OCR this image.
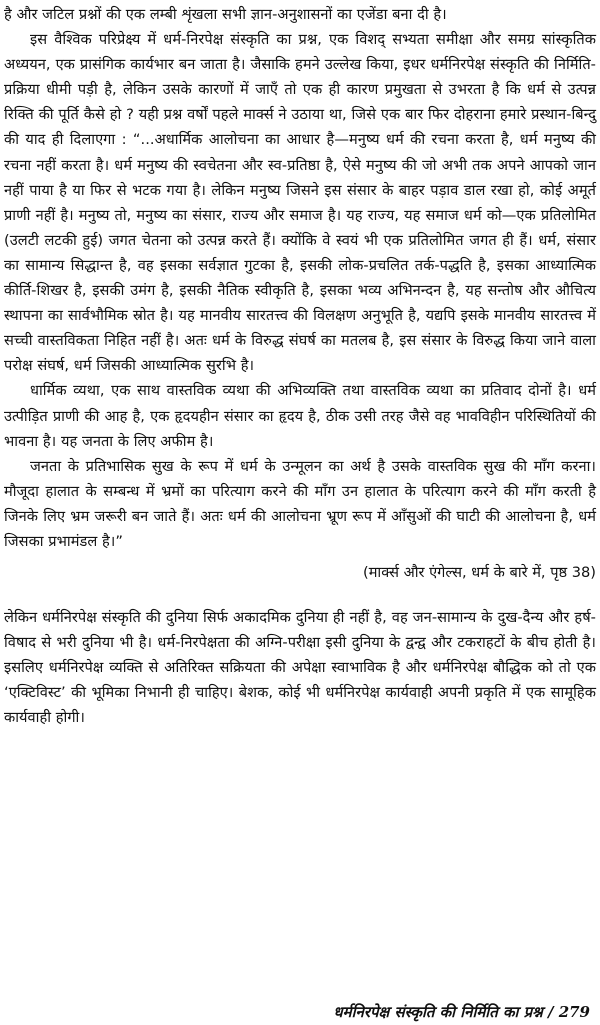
है और जटिल प्रश्नों की एक लम्बी शृंखला सभी ज्ञान-अनुशासनों का एजेंडा बना दी है।

इस वैश्विक परिप्रेक्ष्य में धर्म-निरपेक्ष संस्कृति का प्रश्न, एक विशद् सभ्यता समीक्षा और समग्र सांस्कृतिक अध्ययन, एक प्रासंगिक कार्यभार बन जाता है। जैसाकि हमने उल्लेख किया, इधर धर्मनिरपेक्ष संस्कृति की निर्मिति-प्रक्रिया धीमी पड़ी है, लेकिन उसके कारणों में जाएँ तो एक ही कारण प्रमुखता से उभरता है कि धर्म से उत्पन्न रिक्ति की पूर्ति कैसे हो ? यही प्रश्न वर्षों पहले मार्क्स ने उठाया था, जिसे एक बार फिर दोहराना हमारे प्रस्थान-बिन्दु की याद ही दिलाएगा : “...अधार्मिक आलोचना का आधार है—मनुष्य धर्म की रचना करता है, धर्म मनुष्य की रचना नहीं करता है। धर्म मनुष्य की स्वचेतना और स्व-प्रतिष्ठा है, ऐसे मनुष्य की जो अभी तक अपने आपको जान नहीं पाया है या फिर से भटक गया है। लेकिन मनुष्य जिसने इस संसार के बाहर पड़ाव डाल रखा हो, कोई अमूर्त प्राणी नहीं है। मनुष्य तो, मनुष्य का संसार, राज्य और समाज है। यह राज्य, यह समाज धर्म को—एक प्रतिलोमित (उलटी लटकी हुई) जगत चेतना को उत्पन्न करते हैं। क्योंकि वे स्वयं भी एक प्रतिलोमित जगत ही हैं। धर्म, संसार का सामान्य सिद्धान्त है, वह इसका सर्वज्ञात गुटका है, इसकी लोक-प्रचलित तर्क-पद्धति है, इसका आध्यात्मिक कीर्ति-शिखर है, इसकी उमंग है, इसकी नैतिक स्वीकृति है, इसका भव्य अभिनन्दन है, यह सन्तोष और औचित्य स्थापना का सार्वभौमिक स्रोत है। यह मानवीय सारतत्त्व की विलक्षण अनुभूति है, यद्यपि इसके मानवीय सारतत्त्व में सच्ची वास्तविकता निहित नहीं है। अतः धर्म के विरुद्ध संघर्ष का मतलब है, इस संसार के विरुद्ध किया जाने वाला परोक्ष संघर्ष, धर्म जिसकी आध्यात्मिक सुरभि है।

धार्मिक व्यथा, एक साथ वास्तविक व्यथा की अभिव्यक्ति तथा वास्तविक व्यथा का प्रतिवाद दोनों है। धर्म उत्पीड़ित प्राणी की आह है, एक हृदयहीन संसार का हृदय है, ठीक उसी तरह जैसे वह भावविहीन परिस्थितियों की भावना है। यह जनता के लिए अफीम है।

जनता के प्रतिभासिक सुख के रूप में धर्म के उन्मूलन का अर्थ है उसके वास्तविक सुख की माँग करना। मौजूदा हालात के सम्बन्ध में भ्रमों का परित्याग करने की माँग उन हालात के परित्याग करने की माँग करती है जिनके लिए भ्रम जरूरी बन जाते हैं। अतः धर्म की आलोचना भ्रूण रूप में आँसुओं की घाटी की आलोचना है, धर्म जिसका प्रभामंडल है।”

(मार्क्स और एंगेल्स, धर्म के बारे में, पृष्ठ 38)

लेकिन धर्मनिरपेक्ष संस्कृति की दुनिया सिर्फ अकादमिक दुनिया ही नहीं है, वह जन-सामान्य के दुख-दैन्य और हर्ष-विषाद से भरी दुनिया भी है। धर्म-निरपेक्षता की अग्नि-परीक्षा इसी दुनिया के द्वन्द्व और टकराहटों के बीच होती है। इसलिए धर्मनिरपेक्ष व्यक्ति से अतिरिक्त सक्रियता की अपेक्षा स्वाभाविक है और धर्मनिरपेक्ष बौद्धिक को तो एक ‘एक्टिविस्ट’ की भूमिका निभानी ही चाहिए। बेशक, कोई भी धर्मनिरपेक्ष कार्यवाही अपनी प्रकृति में एक सामूहिक कार्यवाही होगी।

धर्मनिरपेक्ष संस्कृति की निर्मिति का प्रश्न / 279
